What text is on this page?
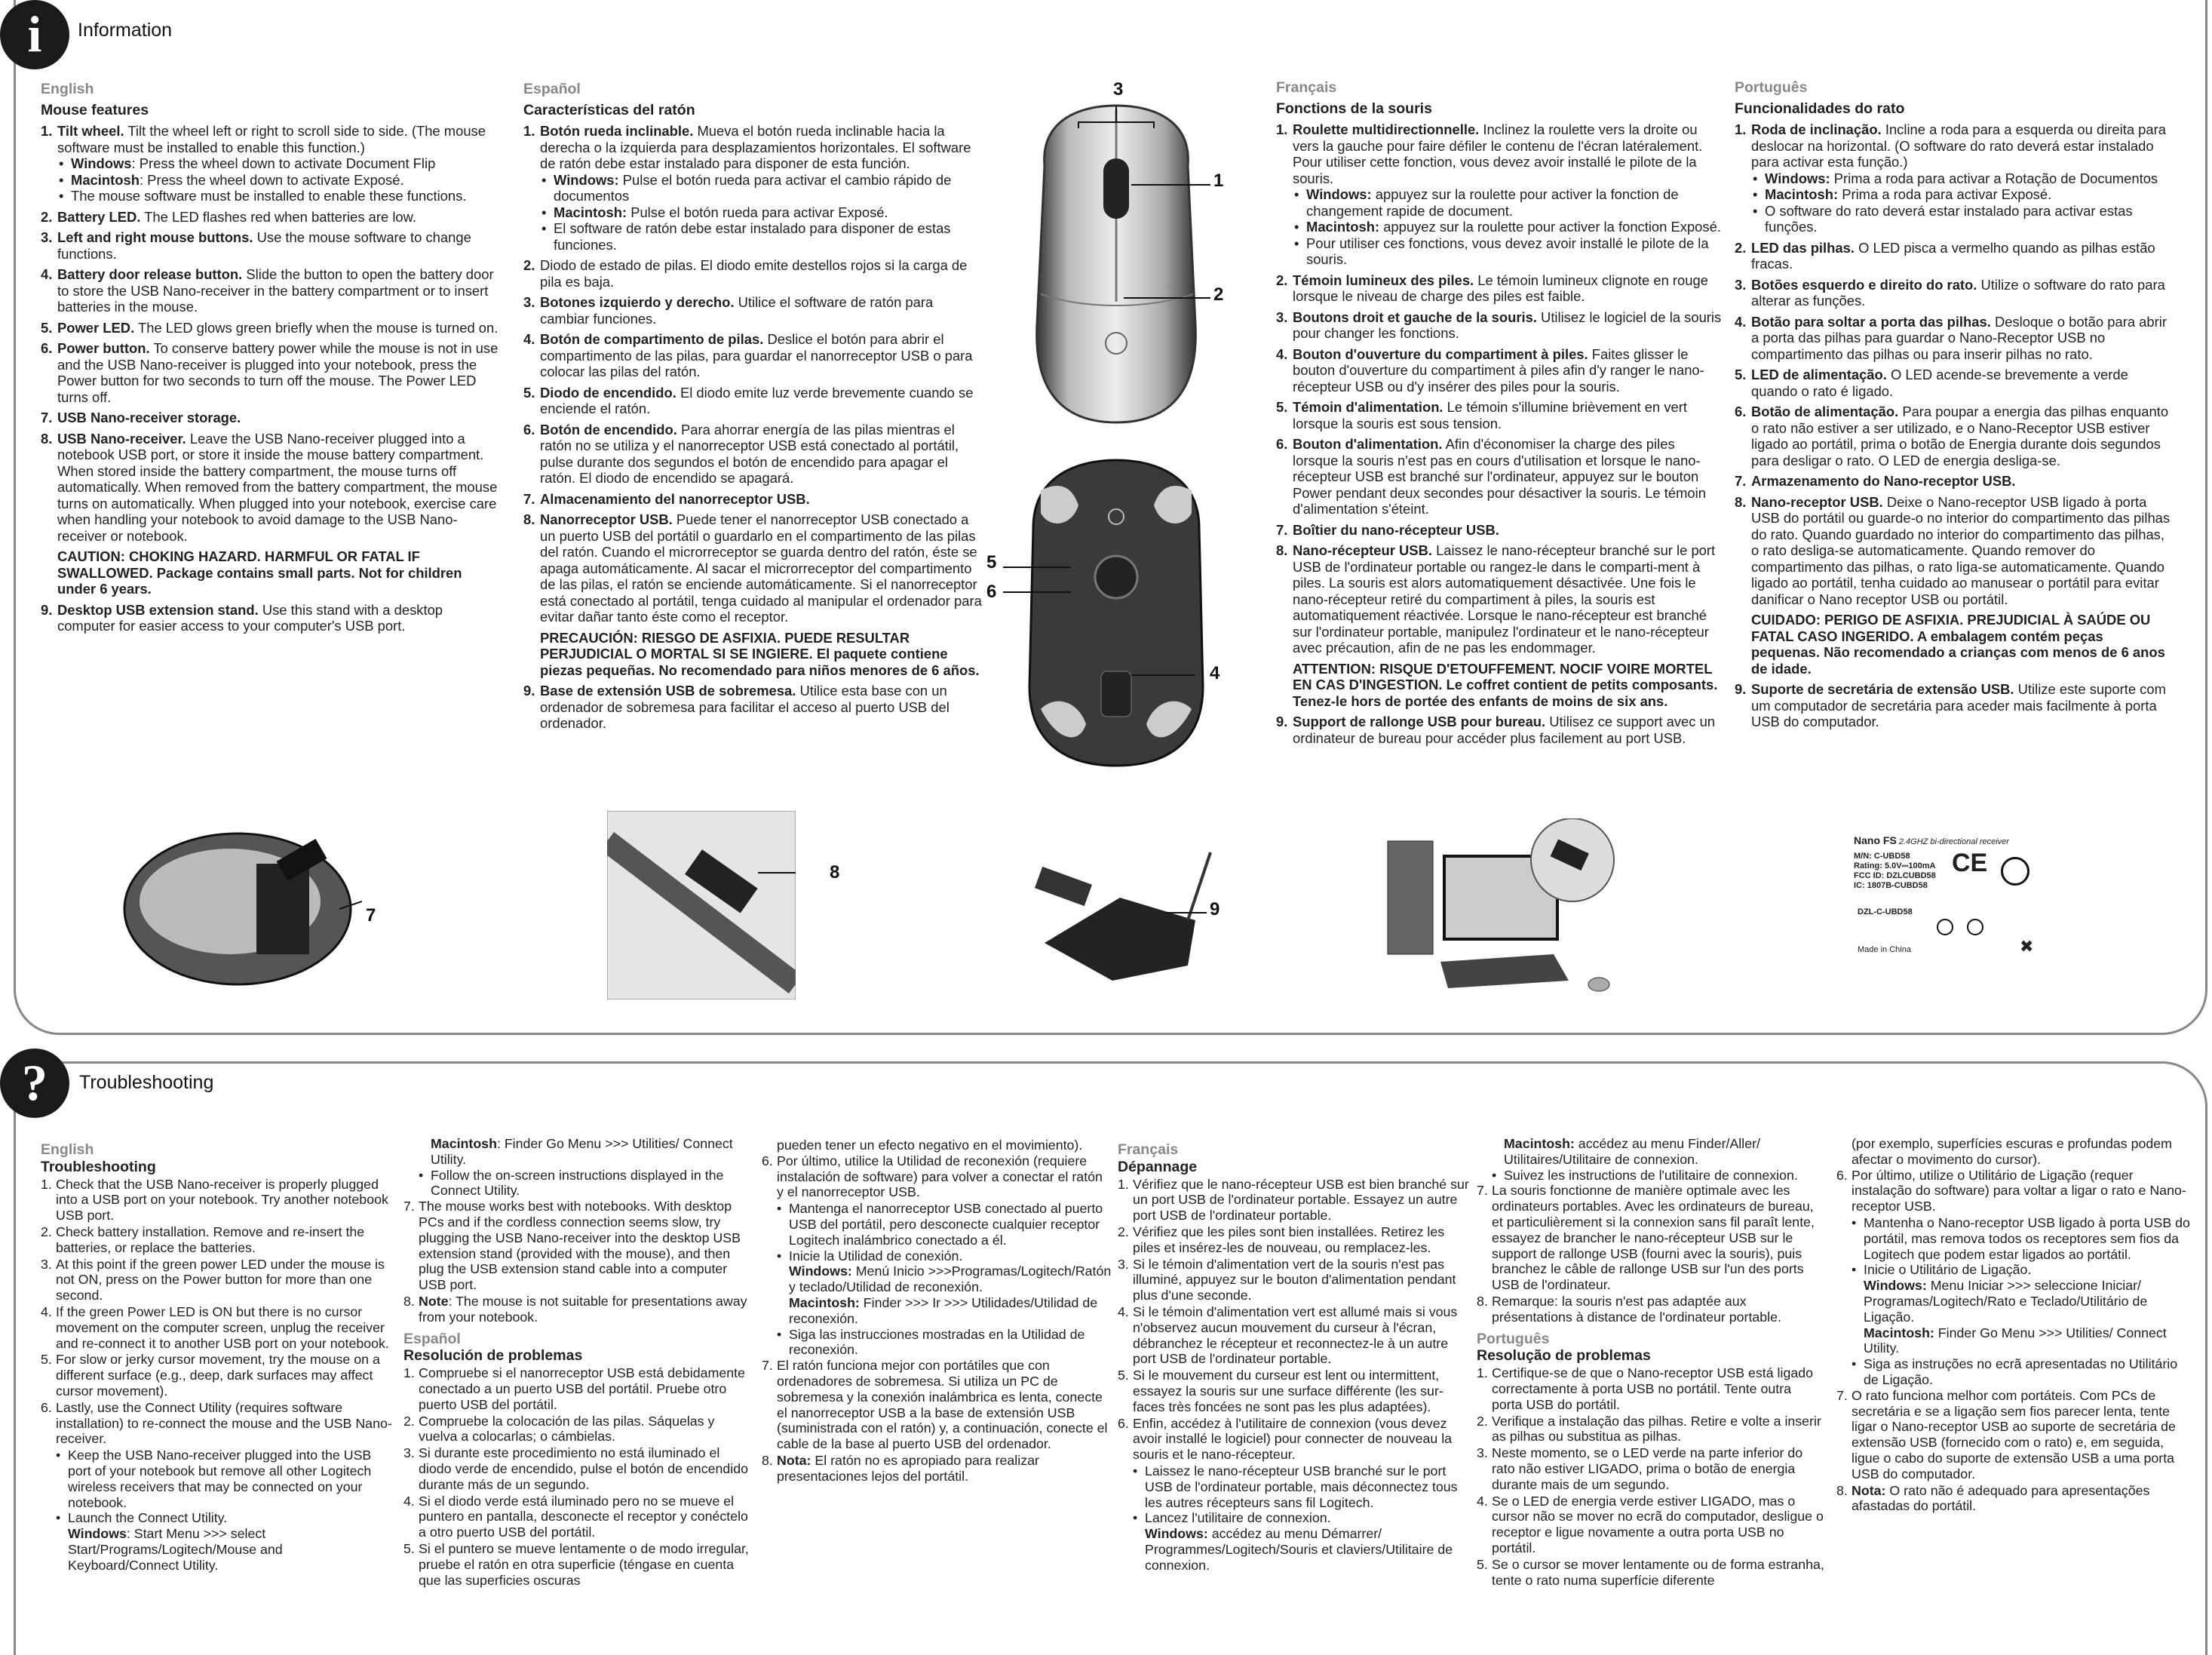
i	Information
?	Troubleshooting
English
Mouse features
1. Tilt wheel. Tilt the wheel left or right to scroll side to side. (The mouse software must be installed to enable this function.)
• Windows: Press the wheel down to activate Document Flip
• Macintosh: Press the wheel down to activate Exposé.
• The mouse software must be installed to enable these functions.
2. Battery LED. The LED flashes red when batteries are low.
3. Left and right mouse buttons. Use the mouse software to change functions.
4. Battery door release button. Slide the button to open the battery door to store the USB Nano-receiver in the battery compartment or to insert batteries in the mouse.
5. Power LED. The LED glows green briefly when the mouse is turned on.
6. Power button. To conserve battery power while the mouse is not in use and the USB Nano-receiver is plugged into your notebook, press the Power button for two seconds to turn off the mouse. The Power LED turns off.
7. USB Nano-receiver storage.
8. USB Nano-receiver. Leave the USB Nano-receiver plugged into a notebook USB port, or store it inside the mouse battery compartment. When stored inside the battery compartment, the mouse turns off automatically. When removed from the battery compartment, the mouse turns on automatically. When plugged into your notebook, exercise care when handling your notebook to avoid damage to the USB Nano-receiver or notebook.
CAUTION: CHOKING HAZARD. HARMFUL OR FATAL IF SWALLOWED. Package contains small parts. Not for children under 6 years.
9. Desktop USB extension stand. Use this stand with a desktop computer for easier access to your computer's USB port.
Español
Características del ratón
1. Botón rueda inclinable. Mueva el botón rueda inclinable hacia la derecha o la izquierda para desplazamientos horizontales. El software de ratón debe estar instalado para disponer de esta función.
• Windows: Pulse el botón rueda para activar el cambio rápido de documentos
• Macintosh: Pulse el botón rueda para activar Exposé.
• El software de ratón debe estar instalado para disponer de estas funciones.
2. Diodo de estado de pilas. El diodo emite destellos rojos si la carga de pila es baja.
3. Botones izquierdo y derecho. Utilice el software de ratón para cambiar funciones.
4. Botón de compartimento de pilas. Deslice el botón para abrir el compartimento de las pilas, para guardar el nanorreceptor USB o para colocar las pilas del ratón.
5. Diodo de encendido. El diodo emite luz verde brevemente cuando se enciende el ratón.
6. Botón de encendido. Para ahorrar energía de las pilas mientras el ratón no se utiliza y el nanorreceptor USB está conectado al portátil, pulse durante dos segundos el botón de encendido para apagar el ratón. El diodo de encendido se apagará.
7. Almacenamiento del nanorreceptor USB.
8. Nanorreceptor USB. Puede tener el nanorreceptor USB conectado a un puerto USB del portátil o guardarlo en el compartimento de las pilas del ratón. Cuando el microrreceptor se guarda dentro del ratón, éste se apaga automáticamente. Al sacar el microrreceptor del compartimento de las pilas, el ratón se enciende automáticamente. Si el nanorreceptor está conectado al portátil, tenga cuidado al manipular el ordenador para evitar dañar tanto éste como el receptor.
PRECAUCIÓN: RIESGO DE ASFIXIA. PUEDE RESULTAR PERJUDICIAL O MORTAL SI SE INGIERE. El paquete contiene piezas pequeñas. No recomendado para niños menores de 6 años.
9. Base de extensión USB de sobremesa. Utilice esta base con un ordenador de sobremesa para facilitar el acceso al puerto USB del ordenador.
Français
Fonctions de la souris
1. Roulette multidirectionnelle. Inclinez la roulette vers la droite ou vers la gauche pour faire défiler le contenu de l'écran latéralement. Pour utiliser cette fonction, vous devez avoir installé le pilote de la souris.
• Windows: appuyez sur la roulette pour activer la fonction de changement rapide de document.
• Macintosh: appuyez sur la roulette pour activer la fonction Exposé.
• Pour utiliser ces fonctions, vous devez avoir installé le pilote de la souris.
2. Témoin lumineux des piles. Le témoin lumineux clignote en rouge lorsque le niveau de charge des piles est faible.
3. Boutons droit et gauche de la souris. Utilisez le logiciel de la souris pour changer les fonctions.
4. Bouton d'ouverture du compartiment à piles. Faites glisser le bouton d'ouverture du compartiment à piles afin d'y ranger le nano-récepteur USB ou d'y insérer des piles pour la souris.
5. Témoin d'alimentation. Le témoin s'illumine brièvement en vert lorsque la souris est sous tension.
6. Bouton d'alimentation. Afin d'économiser la charge des piles lorsque la souris n'est pas en cours d'utilisation et lorsque le nano-récepteur USB est branché sur l'ordinateur, appuyez sur le bouton Power pendant deux secondes pour désactiver la souris. Le témoin d'alimentation s'éteint.
7. Boîtier du nano-récepteur USB.
8. Nano-récepteur USB. Laissez le nano-récepteur branché sur le port USB de l'ordinateur portable ou rangez-le dans le comparti-ment à piles. La souris est alors automatiquement désactivée. Une fois le nano-récepteur retiré du compartiment à piles, la souris est automatiquement réactivée. Lorsque le nano-récepteur est branché sur l'ordinateur portable, manipulez l'ordinateur et le nano-récepteur avec précaution, afin de ne pas les endommager.
ATTENTION: RISQUE D'ETOUFFEMENT. NOCIF VOIRE MORTEL EN CAS D'INGESTION. Le coffret contient de petits composants. Tenez-le hors de portée des enfants de moins de six ans.
9. Support de rallonge USB pour bureau. Utilisez ce support avec un ordinateur de bureau pour accéder plus facilement au port USB.
Português
Funcionalidades do rato
1. Roda de inclinação. Incline a roda para a esquerda ou direita para deslocar na horizontal. (O software do rato deverá estar instalado para activar esta função.)
• Windows: Prima a roda para activar a Rotação de Documentos
• Macintosh: Prima a roda para activar Exposé.
• O software do rato deverá estar instalado para activar estas funções.
2. LED das pilhas. O LED pisca a vermelho quando as pilhas estão fracas.
3. Botões esquerdo e direito do rato. Utilize o software do rato para alterar as funções.
4. Botão para soltar a porta das pilhas. Desloque o botão para abrir a porta das pilhas para guardar o Nano-Receptor USB no compartimento das pilhas ou para inserir pilhas no rato.
5. LED de alimentação. O LED acende-se brevemente a verde quando o rato é ligado.
6. Botão de alimentação. Para poupar a energia das pilhas enquanto o rato não estiver a ser utilizado, e o Nano-Receptor USB estiver ligado ao portátil, prima o botão de Energia durante dois segundos para desligar o rato. O LED de energia desliga-se.
7. Armazenamento do Nano-receptor USB.
8. Nano-receptor USB. Deixe o Nano-receptor USB ligado à porta USB do portátil ou guarde-o no interior do compartimento das pilhas do rato. Quando guardado no interior do compartimento das pilhas, o rato desliga-se automaticamente. Quando remover do compartimento das pilhas, o rato liga-se automaticamente. Quando ligado ao portátil, tenha cuidado ao manusear o portátil para evitar danificar o Nano receptor USB ou portátil.
CUIDADO: PERIGO DE ASFIXIA. PREJUDICIAL À SAÚDE OU FATAL CASO INGERIDO. A embalagem contém peças pequenas. Não recomendado a crianças com menos de 6 anos de idade.
9. Suporte de secretária de extensão USB. Utilize este suporte com um computador de secretária para aceder mais facilmente à porta USB do computador.
3
1
2
5
6
4
7
8
9
Nano FS 2.4GHZ bi-directional receiver
M/N: C-UBD58
Rating: 5.0V⎓100mA
FCC ID: DZLCUBD58
IC: 1807B-CUBD58
CE
DZL-C-UBD58
Made in China	✖
English
Troubleshooting
1. Check that the USB Nano-receiver is properly plugged into a USB port on your notebook. Try another notebook USB port.
2. Check battery installation. Remove and re-insert the batteries, or replace the batteries.
3. At this point if the green power LED under the mouse is not ON, press on the Power button for more than one second.
4. If the green Power LED is ON but there is no cursor movement on the computer screen, unplug the receiver and re-connect it to another USB port on your notebook.
5. For slow or jerky cursor movement, try the mouse on a different surface (e.g., deep, dark surfaces may affect cursor movement).
6. Lastly, use the Connect Utility (requires software installation) to re-connect the mouse and the USB Nano-receiver.
• Keep the USB Nano-receiver plugged into the USB port of your notebook but remove all other Logitech wireless receivers that may be connected on your notebook.
• Launch the Connect Utility.
Windows: Start Menu >>> select Start/Programs/Logitech/Mouse and Keyboard/Connect Utility.
Macintosh: Finder Go Menu >>> Utilities/ Connect Utility.
• Follow the on-screen instructions displayed in the Connect Utility.
7. The mouse works best with notebooks. With desktop PCs and if the cordless connection seems slow, try plugging the USB Nano-receiver into the desktop USB extension stand (provided with the mouse), and then plug the USB extension stand cable into a computer USB port.
8. Note: The mouse is not suitable for presentations away from your notebook.
Español
Resolución de problemas
1. Compruebe si el nanorreceptor USB está debidamente conectado a un puerto USB del portátil. Pruebe otro puerto USB del portátil.
2. Compruebe la colocación de las pilas. Sáquelas y vuelva a colocarlas; o cámbielas.
3. Si durante este procedimiento no está iluminado el diodo verde de encendido, pulse el botón de encendido durante más de un segundo.
4. Si el diodo verde está iluminado pero no se mueve el puntero en pantalla, desconecte el receptor y conéctelo a otro puerto USB del portátil.
5. Si el puntero se mueve lentamente o de modo irregular, pruebe el ratón en otra superficie (téngase en cuenta que las superficies oscuras
pueden tener un efecto negativo en el movimiento).
6. Por último, utilice la Utilidad de reconexión (requiere instalación de software) para volver a conectar el ratón y el nanorreceptor USB.
• Mantenga el nanorreceptor USB conectado al puerto USB del portátil, pero desconecte cualquier receptor Logitech inalámbrico conectado a él.
• Inicie la Utilidad de conexión.
Windows: Menú Inicio >>>Programas/Logitech/Ratón y teclado/Utilidad de reconexión.
Macintosh: Finder >>> Ir >>> Utilidades/Utilidad de reconexión.
• Siga las instrucciones mostradas en la Utilidad de reconexión.
7. El ratón funciona mejor con portátiles que con ordenadores de sobremesa. Si utiliza un PC de sobremesa y la conexión inalámbrica es lenta, conecte el nanorreceptor USB a la base de extensión USB (suministrada con el ratón) y, a continuación, conecte el cable de la base al puerto USB del ordenador.
8. Nota: El ratón no es apropiado para realizar presentaciones lejos del portátil.
Français
Dépannage
1. Vérifiez que le nano-récepteur USB est bien branché sur un port USB de l'ordinateur portable. Essayez un autre port USB de l'ordinateur portable.
2. Vérifiez que les piles sont bien installées. Retirez les piles et insérez-les de nouveau, ou remplacez-les.
3. Si le témoin d'alimentation vert de la souris n'est pas illuminé, appuyez sur le bouton d'alimentation pendant plus d'une seconde.
4. Si le témoin d'alimentation vert est allumé mais si vous n'observez aucun mouvement du curseur à l'écran, débranchez le récepteur et reconnectez-le à un autre port USB de l'ordinateur portable.
5. Si le mouvement du curseur est lent ou intermittent, essayez la souris sur une surface différente (les sur-faces très foncées ne sont pas les plus adaptées).
6. Enfin, accédez à l'utilitaire de connexion (vous devez avoir installé le logiciel) pour connecter de nouveau la souris et le nano-récepteur.
• Laissez le nano-récepteur USB branché sur le port USB de l'ordinateur portable, mais déconnectez tous les autres récepteurs sans fil Logitech.
• Lancez l'utilitaire de connexion.
Windows: accédez au menu Démarrer/ Programmes/Logitech/Souris et claviers/Utilitaire de connexion.
Macintosh: accédez au menu Finder/Aller/ Utilitaires/Utilitaire de connexion.
• Suivez les instructions de l'utilitaire de connexion.
7. La souris fonctionne de manière optimale avec les ordinateurs portables. Avec les ordinateurs de bureau, et particulièrement si la connexion sans fil paraît lente, essayez de brancher le nano-récepteur USB sur le support de rallonge USB (fourni avec la souris), puis branchez le câble de rallonge USB sur l'un des ports USB de l'ordinateur.
8. Remarque: la souris n'est pas adaptée aux présentations à distance de l'ordinateur portable.
Português
Resolução de problemas
1. Certifique-se de que o Nano-receptor USB está ligado correctamente à porta USB no portátil. Tente outra porta USB do portátil.
2. Verifique a instalação das pilhas. Retire e volte a inserir as pilhas ou substitua as pilhas.
3. Neste momento, se o LED verde na parte inferior do rato não estiver LIGADO, prima o botão de energia durante mais de um segundo.
4. Se o LED de energia verde estiver LIGADO, mas o cursor não se mover no ecrã do computador, desligue o receptor e ligue novamente a outra porta USB no portátil.
5. Se o cursor se mover lentamente ou de forma estranha, tente o rato numa superfície diferente
(por exemplo, superfícies escuras e profundas podem afectar o movimento do cursor).
6. Por último, utilize o Utilitário de Ligação (requer instalação do software) para voltar a ligar o rato e Nano-receptor USB.
• Mantenha o Nano-receptor USB ligado à porta USB do portátil, mas remova todos os receptores sem fios da Logitech que podem estar ligados ao portátil.
• Inicie o Utilitário de Ligação.
Windows: Menu Iniciar >>> seleccione Iniciar/ Programas/Logitech/Rato e Teclado/Utilitário de Ligação.
Macintosh: Finder Go Menu >>> Utilities/ Connect Utility.
• Siga as instruções no ecrã apresentadas no Utilitário de Ligação.
7. O rato funciona melhor com portáteis. Com PCs de secretária e se a ligação sem fios parecer lenta, tente ligar o Nano-receptor USB ao suporte de secretária de extensão USB (fornecido com o rato) e, em seguida, ligue o cabo do suporte de extensão USB a uma porta USB do computador.
8. Nota: O rato não é adequado para apresentações afastadas do portátil.
